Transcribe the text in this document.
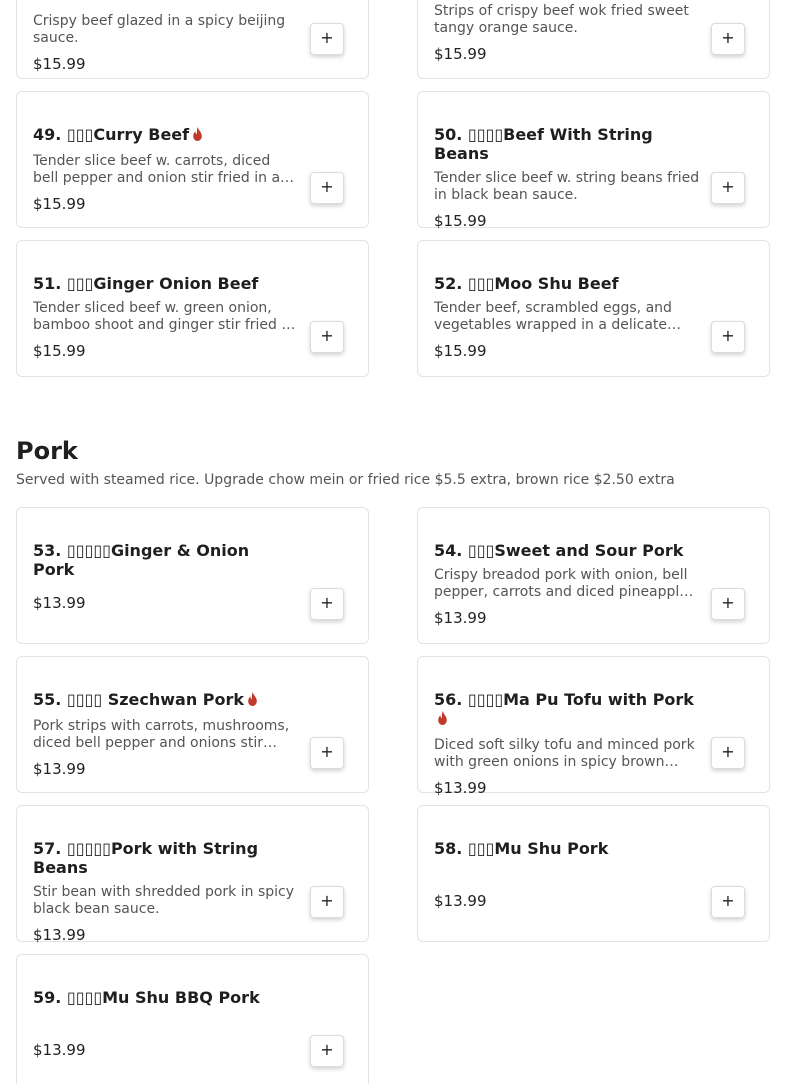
Crispy beef glazed in a spicy beijing sauce.
$15.99
+
Strips of crispy beef wok fried sweet tangy orange sauce.
$15.99
+
49. ▯▯▯Curry Beef
Tender slice beef w. carrots, diced bell pepper and onion stir fried in a
$15.99
+
50. ▯▯▯▯Beef With String Beans
Tender slice beef w. string beans fried in black bean sauce.
$15.99
+
51. ▯▯▯Ginger Onion Beef
Tender sliced beef w. green onion, bamboo shoot and ginger stir fried in
$15.99
+
52. ▯▯▯Moo Shu Beef
Tender beef, scrambled eggs, and vegetables wrapped in a delicate
$15.99
+
Pork
Served with steamed rice. Upgrade chow mein or fried rice $5.5 extra, brown rice $2.50 extra
53. ▯▯▯▯▯Ginger & Onion Pork
$13.99	+
54. ▯▯▯Sweet and Sour Pork
Crispy breadod pork with onion, bell pepper, carrots and diced pineapple
$13.99
+
55. ▯▯▯▯ Szechwan Pork
Pork strips with carrots, mushrooms, diced bell pepper and onions stir
$13.99
+
56. ▯▯▯▯Ma Pu Tofu with Pork
Diced soft silky tofu and minced pork with green onions in spicy brown
$13.99
+
57. ▯▯▯▯▯Pork with String Beans
Stir bean with shredded pork in spicy black bean sauce.
$13.99
+
58. ▯▯▯Mu Shu Pork
$13.99	+
59. ▯▯▯▯Mu Shu BBQ Pork
$13.99	+
